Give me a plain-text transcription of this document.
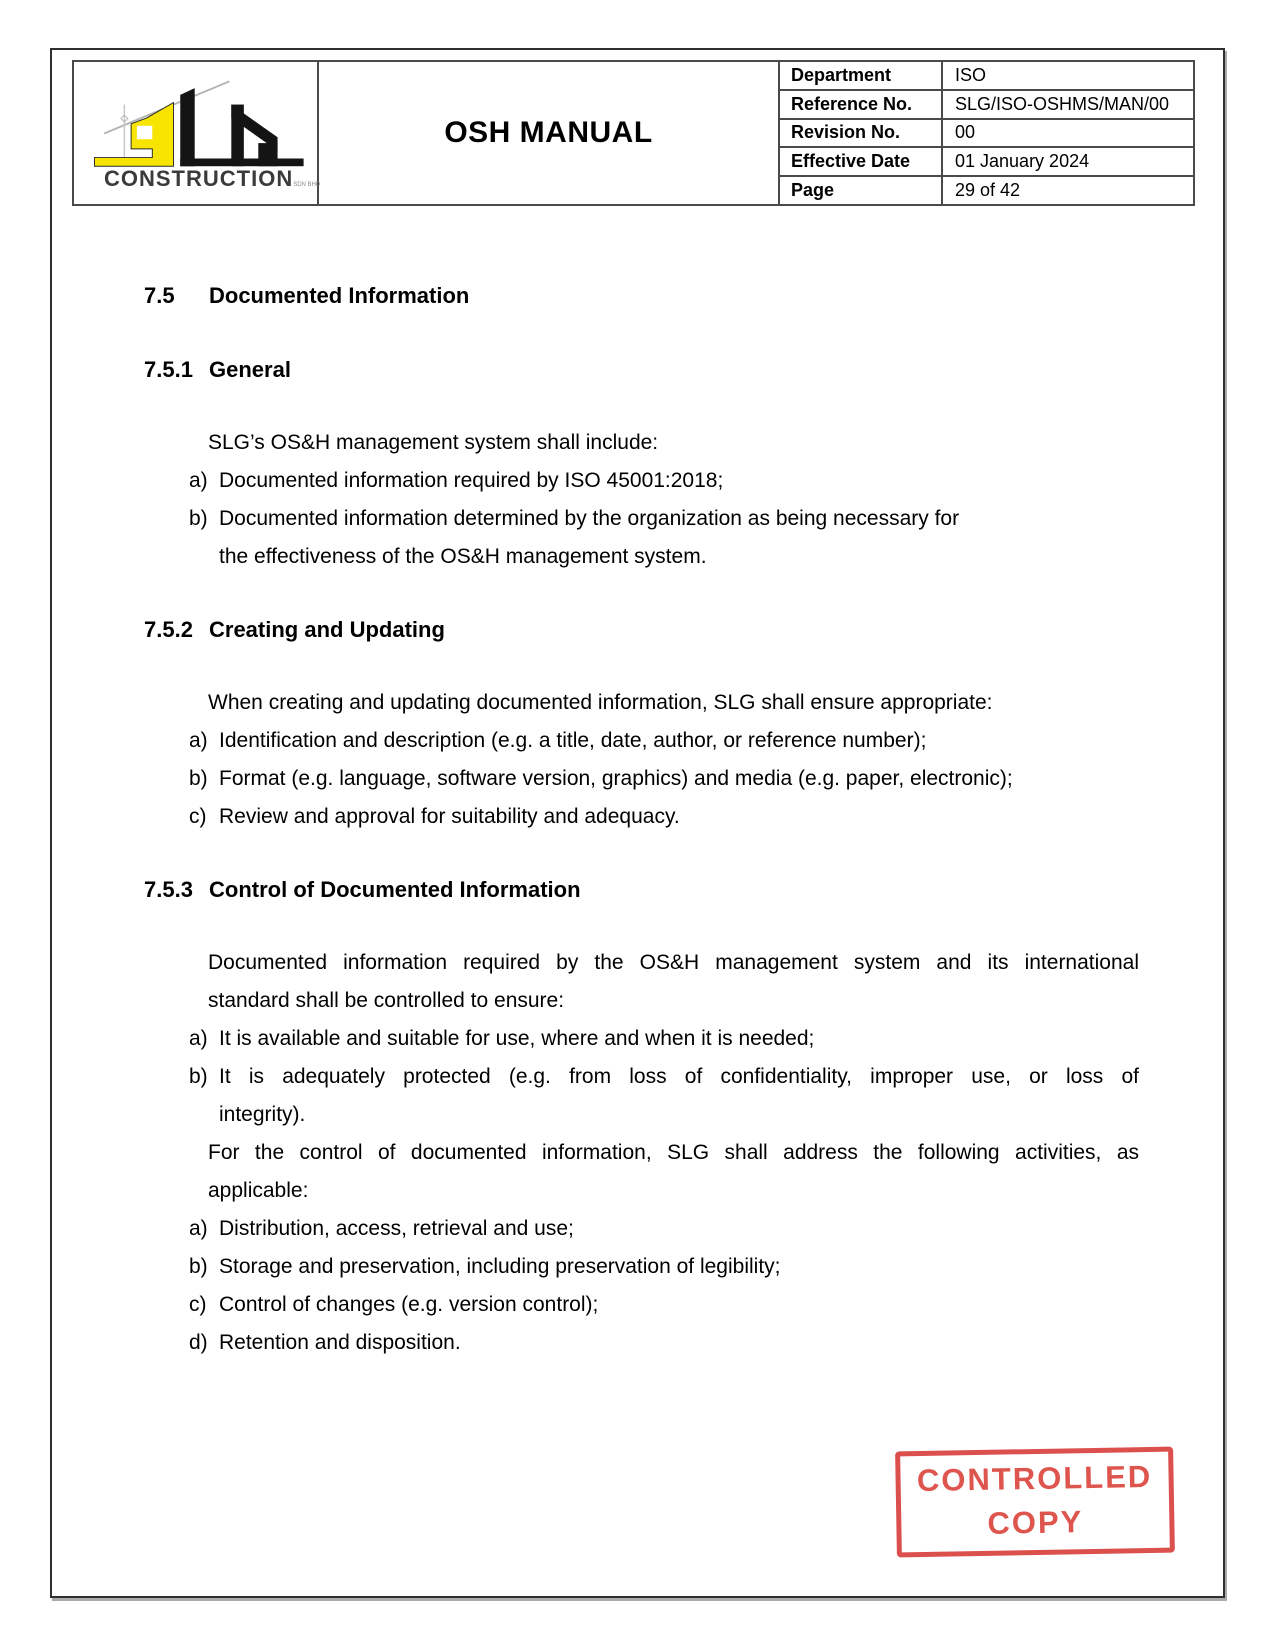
CONSTRUCTIONSDN BHD
OSH MANUAL
Department	ISO
Reference No.	SLG/ISO-OSHMS/MAN/00
Revision No.	00
Effective Date	01 January 2024
Page	29 of 42
7.5	Documented Information
7.5.1 General
SLG’s OS&H management system shall include:
a) Documented information required by ISO 45001:2018;
b) Documented information determined by the organization as being necessary for
the effectiveness of the OS&H management system.
7.5.2 Creating and Updating
When creating and updating documented information, SLG shall ensure appropriate:
a) Identification and description (e.g. a title, date, author, or reference number);
b) Format (e.g. language, software version, graphics) and media (e.g. paper, electronic);
c) Review and approval for suitability and adequacy.
7.5.3 Control of Documented Information
Documented information required by the OS&H management system and its international
standard shall be controlled to ensure:
a) It is available and suitable for use, where and when it is needed;
b) It is adequately protected (e.g. from loss of confidentiality, improper use, or loss of
integrity).
For the control of documented information, SLG shall address the following activities, as
applicable:
a) Distribution, access, retrieval and use;
b) Storage and preservation, including preservation of legibility;
c) Control of changes (e.g. version control);
d) Retention and disposition.
CONTROLLED
COPY
